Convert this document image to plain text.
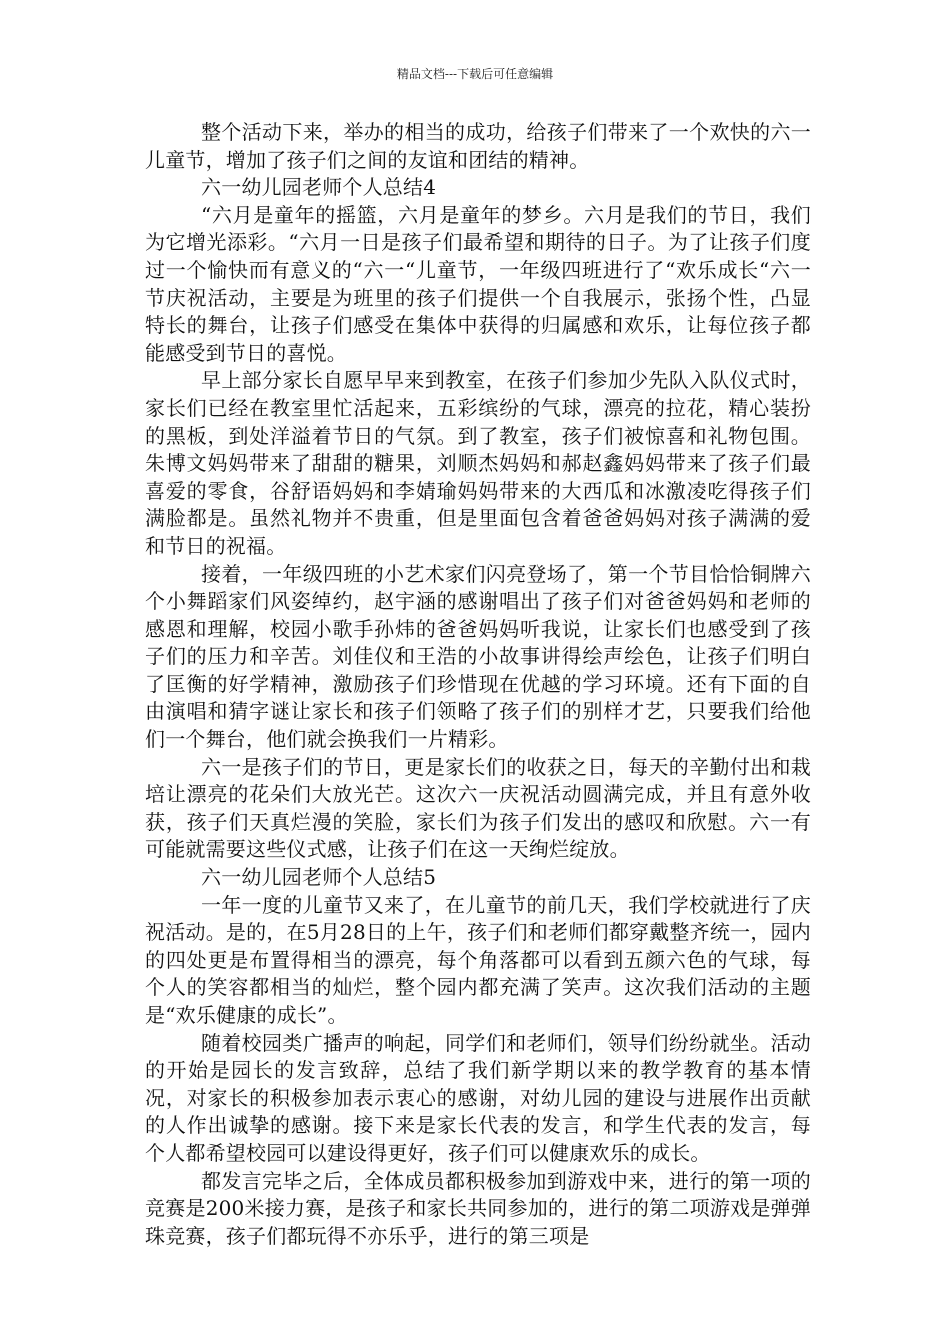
精品文档---下载后可任意编辑

整个活动下来，举办的相当的成功，给孩子们带来了一个欢快的六一儿童节，增加了孩子们之间的友谊和团结的精神。

六一幼儿园老师个人总结4

“六月是童年的摇篮，六月是童年的梦乡。六月是我们的节日，我们为它增光添彩。“六月一日是孩子们最希望和期待的日子。为了让孩子们度过一个愉快而有意义的“六一“儿童节，一年级四班进行了“欢乐成长“六一节庆祝活动，主要是为班里的孩子们提供一个自我展示，张扬个性，凸显特长的舞台，让孩子们感受在集体中获得的归属感和欢乐，让每位孩子都能感受到节日的喜悦。

早上部分家长自愿早早来到教室，在孩子们参加少先队入队仪式时，家长们已经在教室里忙活起来，五彩缤纷的气球，漂亮的拉花，精心装扮的黑板，到处洋溢着节日的气氛。到了教室，孩子们被惊喜和礼物包围。朱博文妈妈带来了甜甜的糖果，刘顺杰妈妈和郝赵鑫妈妈带来了孩子们最喜爱的零食，谷舒语妈妈和李婧瑜妈妈带来的大西瓜和冰激凌吃得孩子们满脸都是。虽然礼物并不贵重，但是里面包含着爸爸妈妈对孩子满满的爱和节日的祝福。

接着，一年级四班的小艺术家们闪亮登场了，第一个节目恰恰铜牌六个小舞蹈家们风姿绰约，赵宇涵的感谢唱出了孩子们对爸爸妈妈和老师的感恩和理解，校园小歌手孙炜的爸爸妈妈听我说，让家长们也感受到了孩子们的压力和辛苦。刘佳仪和王浩的小故事讲得绘声绘色，让孩子们明白了匡衡的好学精神，激励孩子们珍惜现在优越的学习环境。还有下面的自由演唱和猜字谜让家长和孩子们领略了孩子们的别样才艺，只要我们给他们一个舞台，他们就会换我们一片精彩。

六一是孩子们的节日，更是家长们的收获之日，每天的辛勤付出和栽培让漂亮的花朵们大放光芒。这次六一庆祝活动圆满完成，并且有意外收获，孩子们天真烂漫的笑脸，家长们为孩子们发出的感叹和欣慰。六一有可能就需要这些仪式感，让孩子们在这一天绚烂绽放。

六一幼儿园老师个人总结5

一年一度的儿童节又来了，在儿童节的前几天，我们学校就进行了庆祝活动。是的，在5月28日的上午，孩子们和老师们都穿戴整齐统一，园内的四处更是布置得相当的漂亮，每个角落都可以看到五颜六色的气球，每个人的笑容都相当的灿烂，整个园内都充满了笑声。这次我们活动的主题是“欢乐健康的成长”。

随着校园类广播声的响起，同学们和老师们，领导们纷纷就坐。活动的开始是园长的发言致辞，总结了我们新学期以来的教学教育的基本情况，对家长的积极参加表示衷心的感谢，对幼儿园的建设与进展作出贡献的人作出诚挚的感谢。接下来是家长代表的发言，和学生代表的发言，每个人都希望校园可以建设得更好，孩子们可以健康欢乐的成长。

都发言完毕之后，全体成员都积极参加到游戏中来，进行的第一项的竞赛是200米接力赛，是孩子和家长共同参加的，进行的第二项游戏是弹弹珠竞赛，孩子们都玩得不亦乐乎，进行的第三项是
